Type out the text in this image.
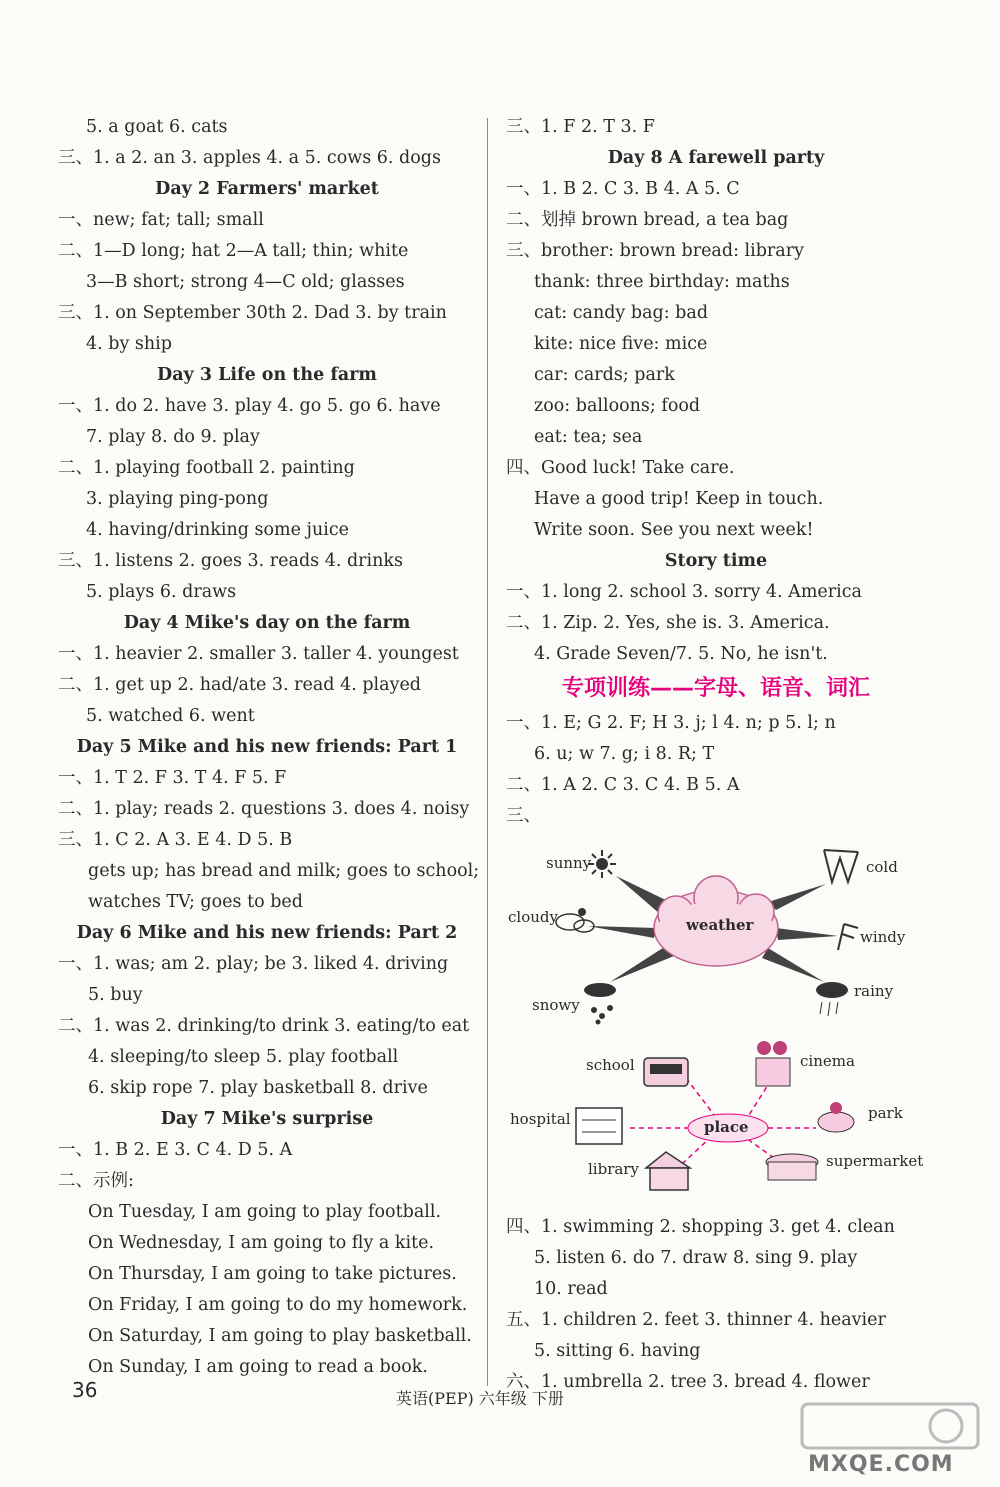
5. a goat 6. cats
三、1. a 2. an 3. apples 4. a 5. cows 6. dogs
Day 2 Farmers' market
一、new; fat; tall; small
二、1—D long; hat 2—A tall; thin; white
3—B short; strong 4—C old; glasses
三、1. on September 30th 2. Dad 3. by train
4. by ship
Day 3 Life on the farm
一、1. do 2. have 3. play 4. go 5. go 6. have
7. play 8. do 9. play
二、1. playing football 2. painting
3. playing ping-pong
4. having/drinking some juice
三、1. listens 2. goes 3. reads 4. drinks
5. plays 6. draws
Day 4 Mike's day on the farm
一、1. heavier 2. smaller 3. taller 4. youngest
二、1. get up 2. had/ate 3. read 4. played
5. watched 6. went
Day 5 Mike and his new friends: Part 1
一、1. T 2. F 3. T 4. F 5. F
二、1. play; reads 2. questions 3. does 4. noisy
三、1. C 2. A 3. E 4. D 5. B
gets up; has bread and milk; goes to school;
watches TV; goes to bed
Day 6 Mike and his new friends: Part 2
一、1. was; am 2. play; be 3. liked 4. driving
5. buy
二、1. was 2. drinking/to drink 3. eating/to eat
4. sleeping/to sleep 5. play football
6. skip rope 7. play basketball 8. drive
Day 7 Mike's surprise
一、1. B 2. E 3. C 4. D 5. A
二、示例:
On Tuesday, I am going to play football.
On Wednesday, I am going to fly a kite.
On Thursday, I am going to take pictures.
On Friday, I am going to do my homework.
On Saturday, I am going to play basketball.
On Sunday, I am going to read a book.
三、1. F 2. T 3. F
Day 8 A farewell party
一、1. B 2. C 3. B 4. A 5. C
二、划掉 brown bread, a tea bag
三、brother: brown bread: library
thank: three birthday: maths
cat: candy bag: bad
kite: nice five: mice
car: cards; park
zoo: balloons; food
eat: tea; sea
四、Good luck! Take care.
Have a good trip! Keep in touch.
Write soon. See you next week!
Story time
一、1. long 2. school 3. sorry 4. America
二、1. Zip. 2. Yes, she is. 3. America.
4. Grade Seven/7. 5. No, he isn't.
专项训练——字母、语音、词汇
一、1. E; G 2. F; H 3. j; l 4. n; p 5. l; n
6. u; w 7. g; i 8. R; T
二、1. A 2. C 3. C 4. B 5. A
三、
sunny	cold
cloudy
windy
snowy
rainy
weather
school	cinema
hospital	park
library	supermarket
place
四、1. swimming 2. shopping 3. get 4. clean
5. listen 6. do 7. draw 8. sing 9. play
10. read
五、1. children 2. feet 3. thinner 4. heavier
5. sitting 6. having
六、1. umbrella 2. tree 3. bread 4. flower
36	英语(PEP) 六年级 下册
MXQE.COM
